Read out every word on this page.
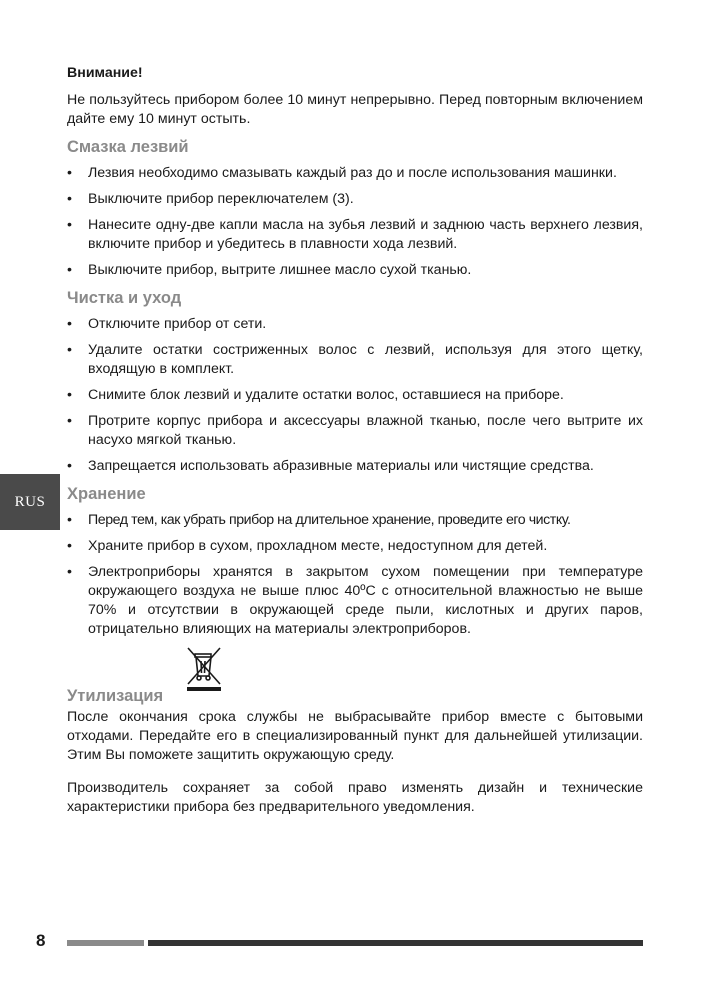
RUS
Внимание!

Не пользуйтесь прибором более 10 минут непрерывно. Перед повторным включением дайте ему 10 минут остыть.

Смазка лезвий
• Лезвия необходимо смазывать каждый раз до и после использования машинки.
• Выключите прибор переключателем (3).
• Нанесите одну-две капли масла на зубья лезвий и заднюю часть верхнего лезвия, включите прибор и убедитесь в плавности хода лезвий.
• Выключите прибор, вытрите лишнее масло сухой тканью.
Чистка и уход
• Отключите прибор от сети.
• Удалите остатки состриженных волос с лезвий, используя для этого щетку, входящую в комплект.
• Снимите блок лезвий и удалите остатки волос, оставшиеся на приборе.
• Протрите корпус прибора и аксессуары влажной тканью, после чего вытрите их насухо мягкой тканью.
• Запрещается использовать абразивные материалы или чистящие средства.
Хранение
• Перед тем, как убрать прибор на длительное хранение, проведите его чистку.
• Храните прибор в сухом, прохладном месте, недоступном для детей.
• Электроприборы хранятся в закрытом сухом помещении при температуре окружающего воздуха не выше плюс 40ºС с относительной влажностью не выше 70% и отсутствии в окружающей среде пыли, кислотных и других паров, отрицательно влияющих на материалы электроприборов.
Утилизация

После окончания срока службы не выбрасывайте прибор вместе с бытовыми отходами. Передайте его в специализированный пункт для дальнейшей утилизации. Этим Вы поможете защитить окружающую среду.

Производитель сохраняет за собой право изменять дизайн и технические характеристики прибора без предварительного уведомления.

8
